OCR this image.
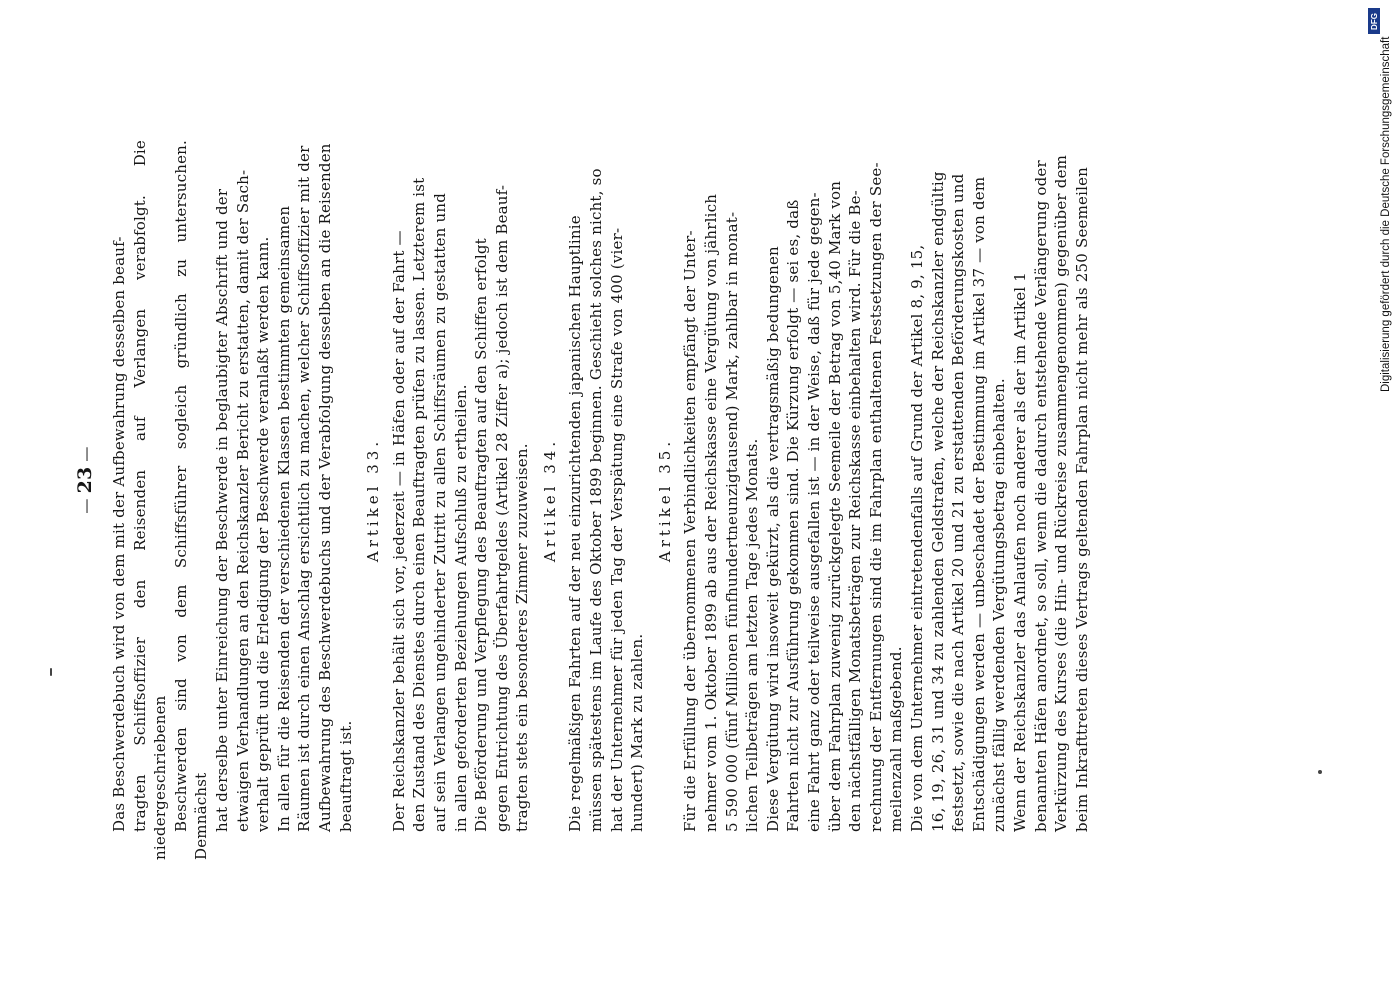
— 23 — Das Beschwerdebuch wird von dem mit der Aufbewahrung desselben beauf- tragten Schiffsoffizier den Reisenden auf Verlangen verabfolgt. Die niedergeschriebenen Beschwerden sind von dem Schiffsführer sogleich gründlich zu untersuchen. Demnächst hat derselbe unter Einreichung der Beschwerde in beglaubigter Abschrift und der etwaigen Verhandlungen an den Reichskanzler Bericht zu erstatten, damit der Sach- verhalt geprüft und die Erledigung der Beschwerde veranlaßt werden kann. In allen für die Reisenden der verschiedenen Klassen bestimmten gemeinsamen Räumen ist durch einen Anschlag ersichtlich zu machen, welcher Schiffsoffizier mit der Aufbewahrung des Beschwerdebuchs und der Verabfolgung desselben an die Reisenden beauftragt ist.
Artikel 33. Der Reichskanzler behält sich vor, jederzeit — in Häfen oder auf der Fahrt — den Zustand des Dienstes durch einen Beauftragten prüfen zu lassen. Letzterem ist auf sein Verlangen ungehinderter Zutritt zu allen Schiffsräumen zu gestatten und in allen geforderten Beziehungen Aufschluß zu ertheilen. Die Beförderung und Verpflegung des Beauftragten auf den Schiffen erfolgt gegen Entrichtung des Überfahrtgeldes (Artikel 28 Ziffer a); jedoch ist dem Beauf- tragten stets ein besonderes Zimmer zuzuweisen. Artikel 34. Die regelmäßigen Fahrten auf der neu einzurichtenden japanischen Hauptlinie müssen spätestens im Laufe des Oktober 1899 beginnen. Geschieht solches nicht, so hat der Unternehmer für jeden Tag der Verspätung eine Strafe von 400 (vier- hundert) Mark zu zahlen.
Artikel 35. Für die Erfüllung der übernommenen Verbindlichkeiten empfängt der Unter- nehmer vom 1. Oktober 1899 ab aus der Reichskasse eine Vergütung von jährlich 5 590 000 (fünf Millionen fünfhundertneunzigtausend) Mark, zahlbar in monat- lichen Teilbeträgen am letzten Tage jedes Monats. Diese Vergütung wird insoweit gekürzt, als die vertragsmäßig bedungenen Fahrten nicht zur Ausführung gekommen sind. Die Kürzung erfolgt — sei es, daß eine Fahrt ganz oder teilweise ausgefallen ist — in der Weise, daß für jede gegen- über dem Fahrplan zuwenig zurückgelegte Seemeile der Betrag von 5,40 Mark von den nächstfälligen Monatsbeträgen zur Reichskasse einbehalten wird. Für die Be- rechnung der Entfernungen sind die im Fahrplan enthaltenen Festsetzungen der See- meilenzahl maßgebend. Die von dem Unternehmer eintretendenfalls auf Grund der Artikel 8, 9, 15, 16, 19, 26, 31 und 34 zu zahlenden Geldstrafen, welche der Reichskanzler endgültig festsetzt, sowie die nach Artikel 20 und 21 zu erstattenden Beförderungskosten und Entschädigungen werden — unbeschadet der Bestimmung im Artikel 37 — von dem zunächst fällig werdenden Vergütungsbetrag einbehalten. Wenn der Reichskanzler das Anlaufen noch anderer als der im Artikel 1 benannten Häfen anordnet, so soll, wenn die dadurch entstehende Verlängerung oder Verkürzung des Kurses (die Hin- und Rückreise zusammengenommen) gegenüber dem beim Inkrafttreten dieses Vertrags geltenden Fahrplan nicht mehr als 250 Seemeilen	Digitalisierung gefördert durch die Deutsche Forschungsgemeinschaft
DFG
